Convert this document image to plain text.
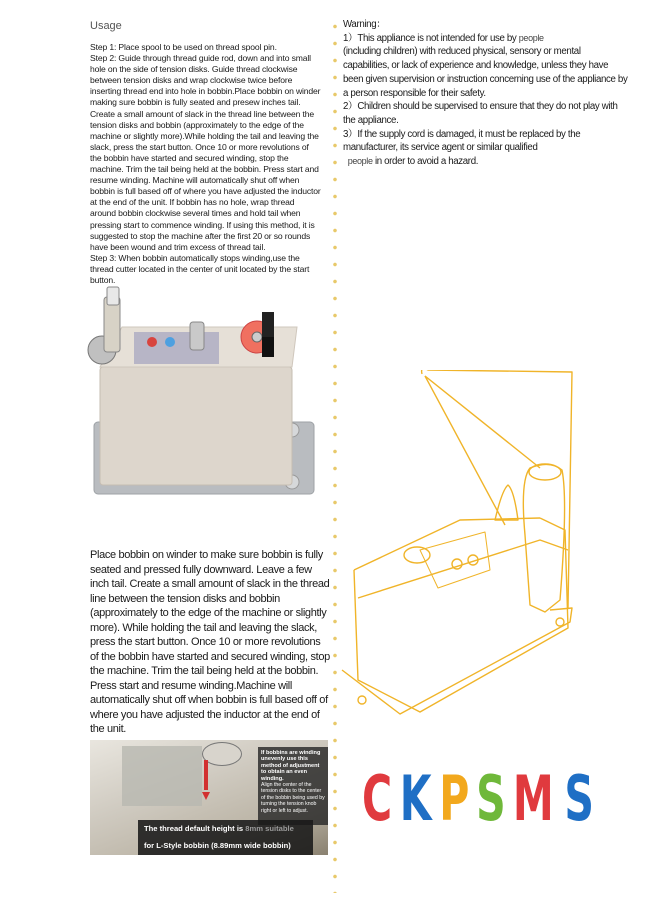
Usage

Step 1: Place spool to be used on thread spool pin.

Step 2: Guide through thread guide rod, down and into small hole on the side of tension disks. Guide thread clockwise between tension disks and wrap clockwise twice before inserting thread end into hole in bobbin.Place bobbin on winder making sure bobbin is fully seated and presew inches tail. Create a small amount of slack in the thread line between the tension disks and bobbin (approximately to the edge of the machine or slightly more).While holding the tail and leaving the slack, press the start button. Once 10 or more revolutions of the bobbin have started and secured winding, stop the machine. Trim the tail being held at the bobbin. Press start and resume winding. Machine will automatically shut off when bobbin is full based off of where you have adjusted the inductor at the end of the unit. If bobbin has no hole, wrap thread around bobbin clockwise several times and hold tail when pressing start to commence winding. If using this method, it is suggested to stop the machine after the first 20 or so rounds have been wound and trim excess of thread tail.

Step 3: When bobbin automatically stops winding,use the thread cutter located in the center of unit located by the start button.

Warning：

1）This appliance is not intended for use by people
(including children) with reduced physical, sensory or mental capabilities, or lack of experience and knowledge, unless they have been given supervision or instruction concerning use of the appliance by a person responsible for their safety.

2）Children should be supervised to ensure that they do not play with the appliance.

3）If the supply cord is damaged, it must be replaced by the manufacturer, its service agent or similar qualified
people in order to avoid a hazard.

Place bobbin on winder to make sure bobbin is fully seated and pressed fully downward. Leave a few inch tail. Create a small amount of slack in the thread line between the tension disks and bobbin (approximately to the edge of the machine or slightly more). While holding the tail and leaving the slack, press the start button. Once 10 or more revolutions of the bobbin have started and secured winding, stop the machine. Trim the tail being held at the bobbin. Press start and resume winding.Machine will automatically shut off when bobbin is full based off of where you have adjusted the inductor at the end of the unit.
If bobbins are winding unevenly use this method of adjustment to obtain an even winding.
Align the center of the tension disks to the center of the bobbin being used by turning the tension knob right or left to adjust.
The thread default height is 8mm suitable
for L-Style bobbin (8.89mm wide bobbin)
C K P S M S
